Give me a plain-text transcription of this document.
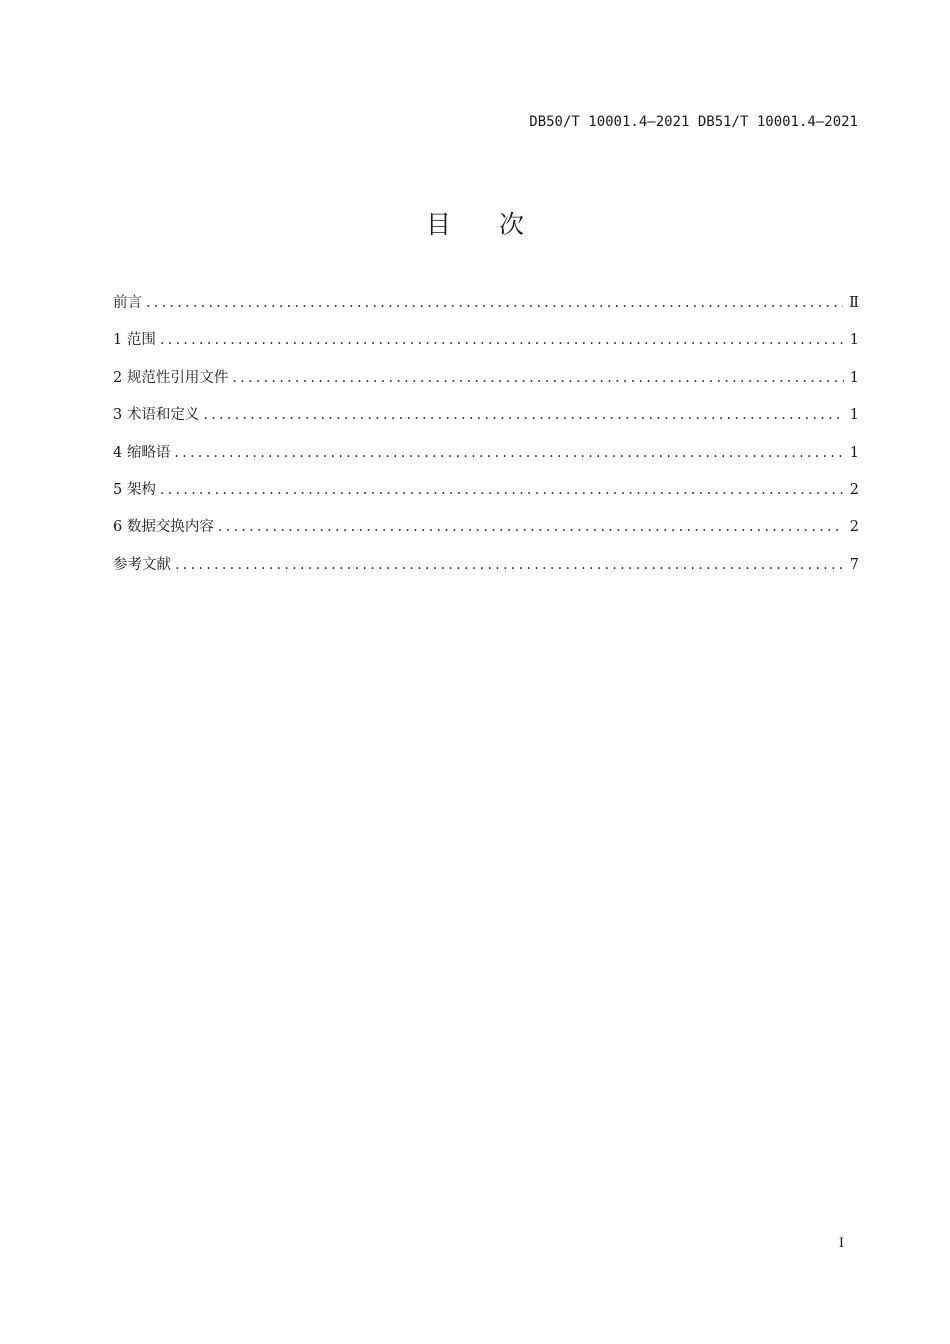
DB50/T 10001.4—2021 DB51/T 10001.4—2021
目 次
前言 .....	Ⅱ
1 范围 .....	1
2 规范性引用文件 .....	1
3 术语和定义 .....	1
4 缩略语 .....	1
5 架构 .....	2
6 数据交换内容 .....	2
参考文献 .....	7
I
